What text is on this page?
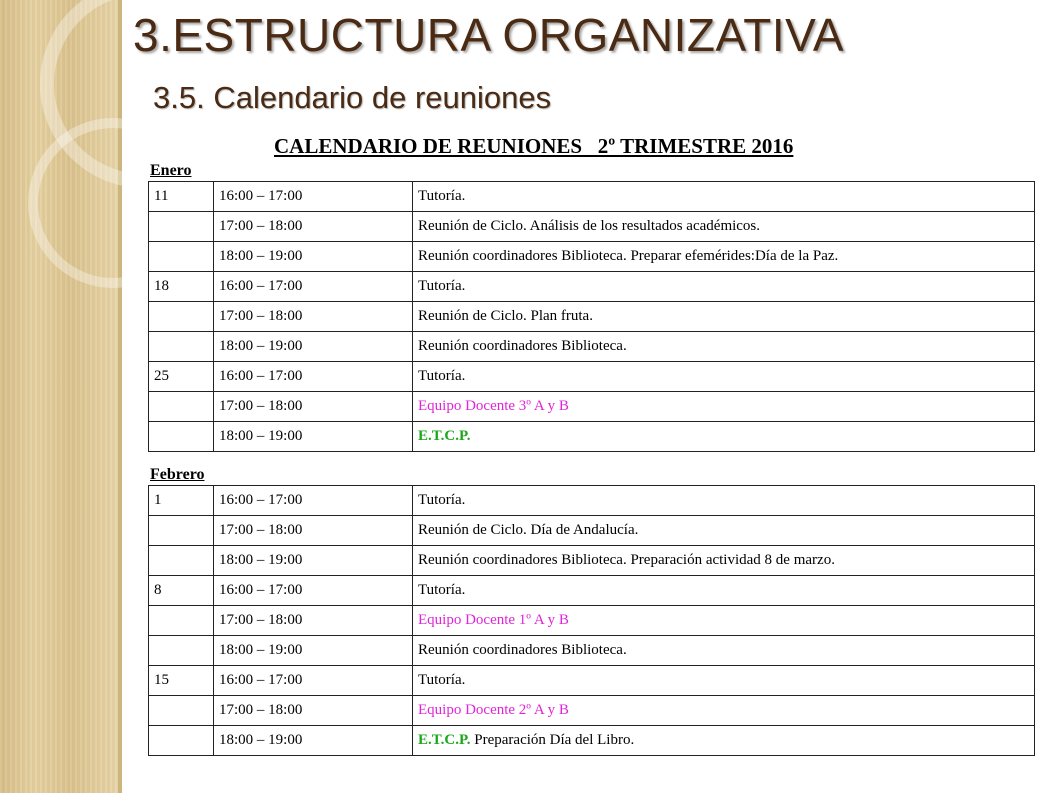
3.ESTRUCTURA ORGANIZATIVA
3.5. Calendario de reuniones
CALENDARIO DE REUNIONES   2º TRIMESTRE 2016
Enero
11	16:00 – 17:00	Tutoría.
	17:00 – 18:00	Reunión de Ciclo. Análisis de los resultados académicos.
	18:00 – 19:00	Reunión coordinadores Biblioteca. Preparar efemérides:Día de la Paz.
18	16:00 – 17:00	Tutoría.
	17:00 – 18:00	Reunión de Ciclo. Plan fruta.
	18:00 – 19:00	Reunión coordinadores Biblioteca.
25	16:00 – 17:00	Tutoría.
	17:00 – 18:00	Equipo Docente 3º A y B
	18:00 – 19:00	E.T.C.P.
Febrero
1	16:00 – 17:00	Tutoría.
	17:00 – 18:00	Reunión de Ciclo. Día de Andalucía.
	18:00 – 19:00	Reunión coordinadores Biblioteca. Preparación actividad 8 de marzo.
8	16:00 – 17:00	Tutoría.
	17:00 – 18:00	Equipo Docente 1º A y B
	18:00 – 19:00	Reunión coordinadores Biblioteca.
15	16:00 – 17:00	Tutoría.
	17:00 – 18:00	Equipo Docente 2º A y B
	18:00 – 19:00	E.T.C.P. Preparación Día del Libro.
